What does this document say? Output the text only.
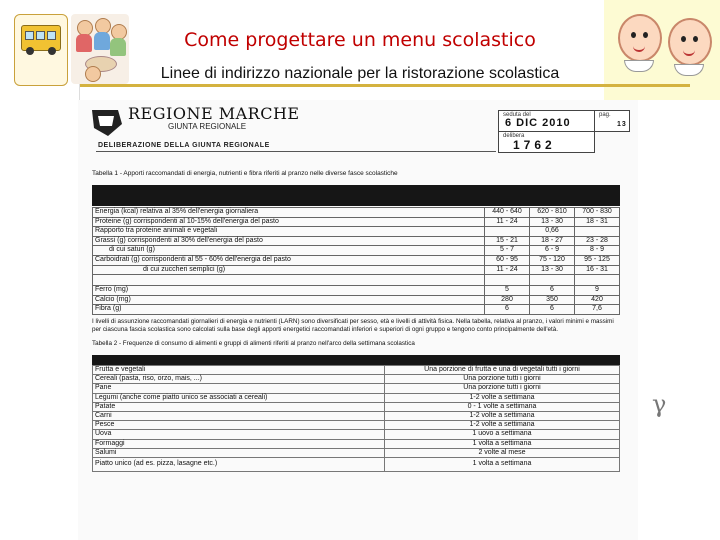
Come progettare un menu scolastico
Linee di indirizzo nazionale per la ristorazione scolastica
REGIONE MARCHE
GIUNTA REGIONALE
DELIBERAZIONE DELLA GIUNTA REGIONALE
seduta del
6 DIC 2010
pag.
13
delibera
1762
Tabella 1 - Apporti raccomandati di energia, nutrienti e fibra riferiti al pranzo nelle diverse fasce scolastiche
Energia (kcal) relativa al 35% dell'energia giornaliera	440 - 640	620 - 810	700 - 830
Proteine (g) corrispondenti al 10-15% dell'energia del pasto	11 - 24	13 - 30	18 - 31
Rapporto tra proteine animali e vegetali		0,66	
Grassi (g) corrispondenti al 30% dell'energia del pasto	15 - 21	18 - 27	23 - 28
di cui saturi (g)	5 - 7	6 - 9	8 - 9
Carboidrati (g) corrispondenti al 55 - 60% dell'energia del pasto	60 - 95	75 - 120	95 - 125
di cui zuccheri semplici (g)	11 - 24	13 - 30	16 - 31

Ferro (mg)	5	6	9
Calcio (mg)	280	350	420
Fibra (g)	6	6	7,6
I livelli di assunzione raccomandati giornalieri di energia e nutrienti (LARN) sono diversificati per sesso, età e livelli di attività fisica. Nella tabella, relativa al pranzo, i valori minimi e massimi per ciascuna fascia scolastica sono calcolati sulla base degli apporti energetici raccomandati inferiori e superiori di ogni gruppo e tengono conto principalmente dell'età.
Tabella 2 - Frequenze di consumo di alimenti e gruppi di alimenti riferiti al pranzo nell'arco della settimana scolastica
Frutta e vegetali	Una porzione di frutta e una di vegetali tutti i giorni
Cereali (pasta, riso, orzo, mais, ...)	Una porzione tutti i giorni
Pane	Una porzione tutti i giorni
Legumi (anche come piatto unico se associati a cereali)	1-2 volte a settimana
Patate	0 - 1 volte a settimana
Carni	1-2 volte a settimana
Pesce	1-2 volte a settimana
Uova	1 uovo a settimana
Formaggi	1 volta a settimana
Salumi	2 volte al mese
Piatto unico (ad es. pizza, lasagne etc.)	1 volta a settimana
γ
